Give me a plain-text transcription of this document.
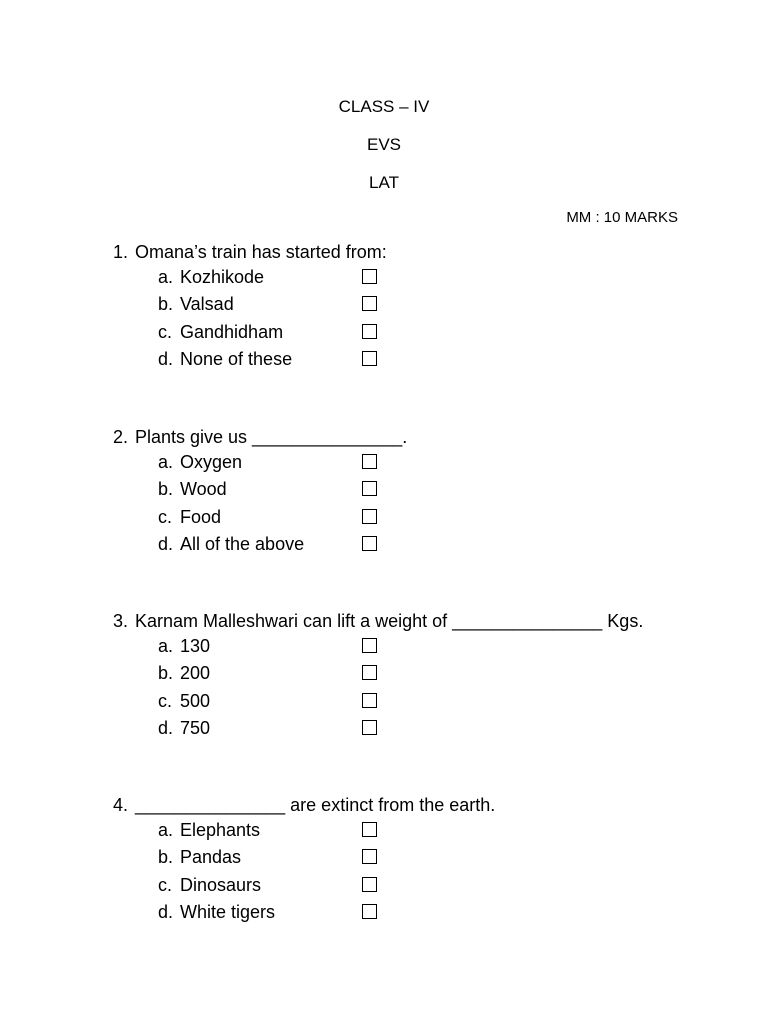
CLASS – IV
EVS
LAT
MM : 10 MARKS
1. Omana’s train has started from:
a. Kozhikode
b. Valsad
c. Gandhidham
d. None of these
2. Plants give us _______________.
a. Oxygen
b. Wood
c. Food
d. All of the above
3. Karnam Malleshwari can lift a weight of _______________ Kgs.
a. 130
b. 200
c. 500
d. 750
4. _______________ are extinct from the earth.
a. Elephants
b. Pandas
c. Dinosaurs
d. White tigers
